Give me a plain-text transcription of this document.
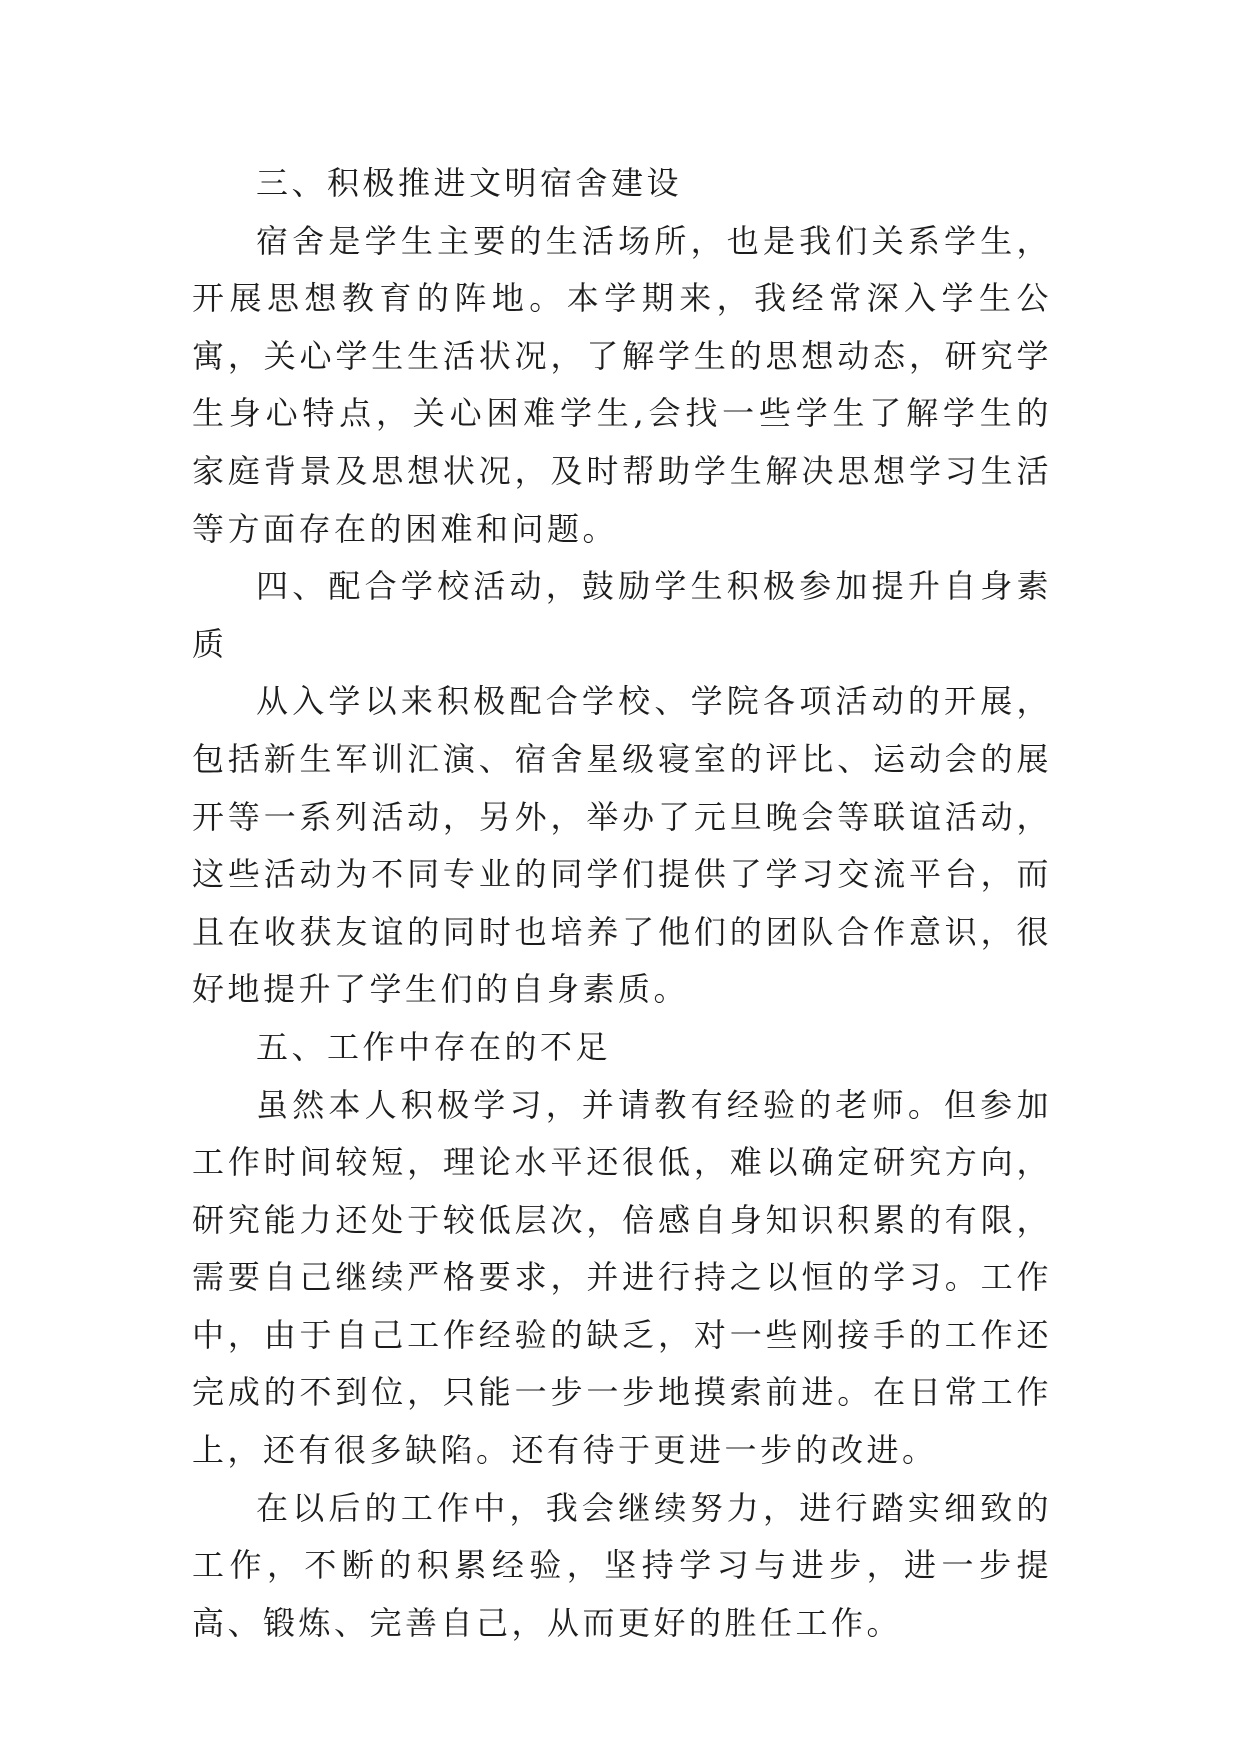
三、积极推进文明宿舍建设

宿舍是学生主要的生活场所，也是我们关系学生，开展思想教育的阵地。本学期来，我经常深入学生公寓，关心学生生活状况，了解学生的思想动态，研究学生身心特点，关心困难学生,会找一些学生了解学生的家庭背景及思想状况，及时帮助学生解决思想学习生活等方面存在的困难和问题。

四、配合学校活动，鼓励学生积极参加提升自身素质

从入学以来积极配合学校、学院各项活动的开展，包括新生军训汇演、宿舍星级寝室的评比、运动会的展开等一系列活动，另外，举办了元旦晚会等联谊活动，这些活动为不同专业的同学们提供了学习交流平台，而且在收获友谊的同时也培养了他们的团队合作意识，很好地提升了学生们的自身素质。

五、工作中存在的不足

虽然本人积极学习，并请教有经验的老师。但参加工作时间较短，理论水平还很低，难以确定研究方向，研究能力还处于较低层次，倍感自身知识积累的有限，需要自己继续严格要求，并进行持之以恒的学习。工作中，由于自己工作经验的缺乏，对一些刚接手的工作还完成的不到位，只能一步一步地摸索前进。在日常工作上，还有很多缺陷。还有待于更进一步的改进。

在以后的工作中，我会继续努力，进行踏实细致的工作，不断的积累经验，坚持学习与进步，进一步提高、锻炼、完善自己，从而更好的胜任工作。
